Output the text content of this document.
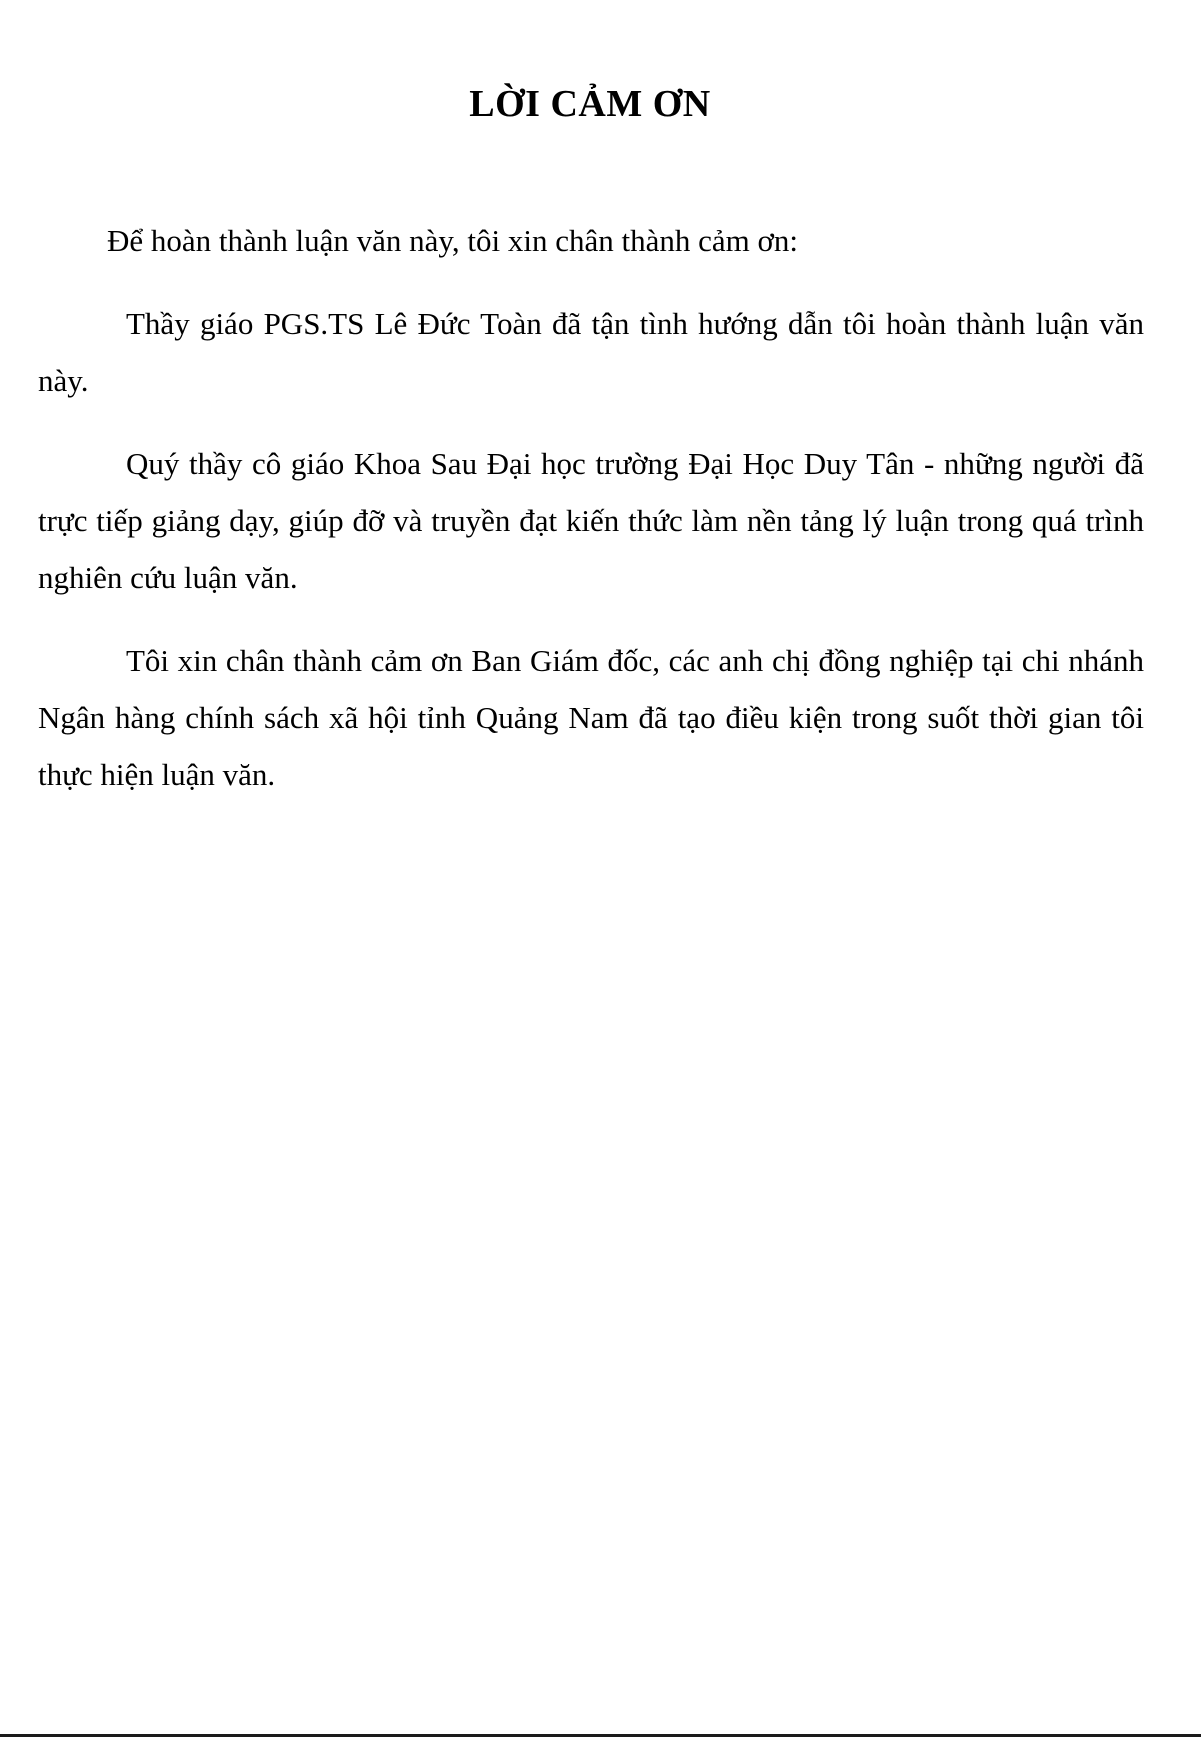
LỜI CẢM ƠN

Để hoàn thành luận văn này, tôi xin chân thành cảm ơn:

Thầy giáo PGS.TS Lê Đức Toàn đã tận tình hướng dẫn tôi hoàn thành luận văn này.

Quý thầy cô giáo Khoa Sau Đại học trường Đại Học Duy Tân - những người đã trực tiếp giảng dạy, giúp đỡ và truyền đạt kiến thức làm nền tảng lý luận trong quá trình nghiên cứu luận văn.

Tôi xin chân thành cảm ơn Ban Giám đốc, các anh chị đồng nghiệp tại chi nhánh Ngân hàng chính sách xã hội tỉnh Quảng Nam đã tạo điều kiện trong suốt thời gian tôi thực hiện luận văn.
